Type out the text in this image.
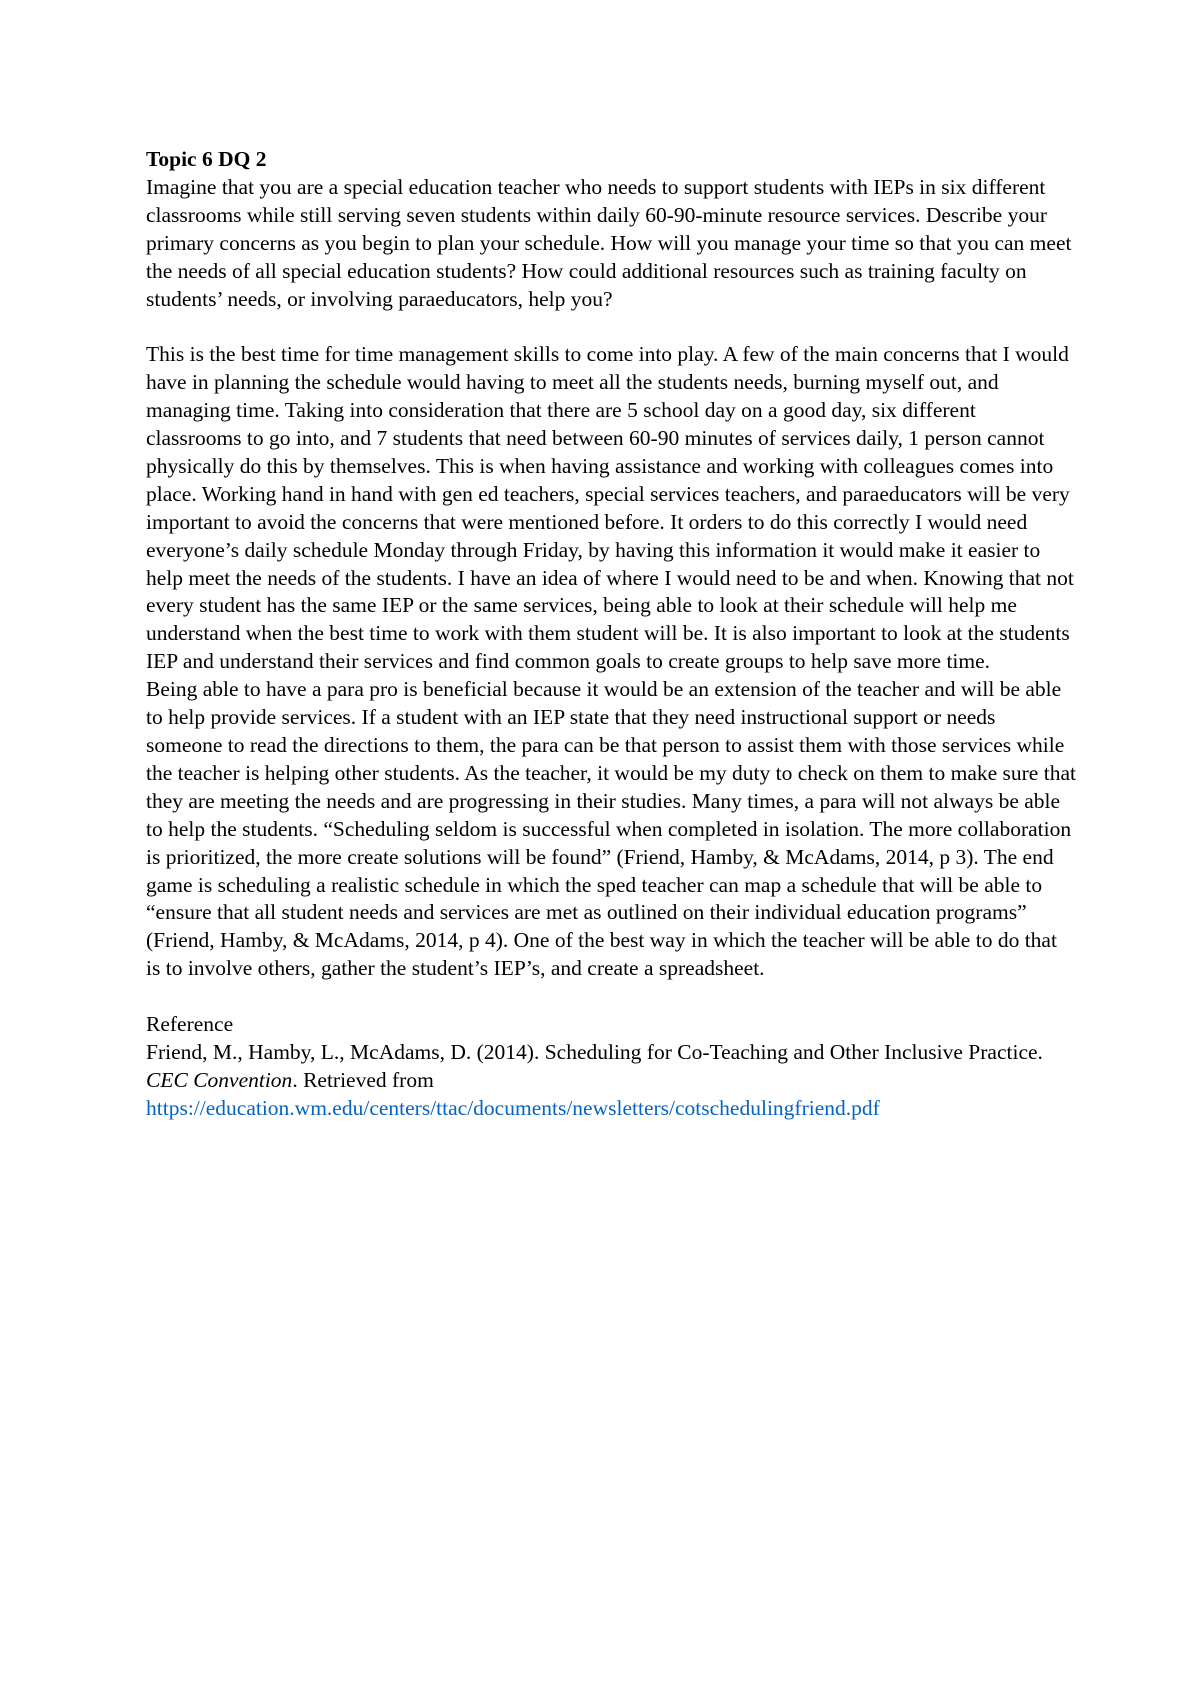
Topic 6 DQ 2

Imagine that you are a special education teacher who needs to support students with IEPs in six different classrooms while still serving seven students within daily 60-90-minute resource services. Describe your primary concerns as you begin to plan your schedule. How will you manage your time so that you can meet the needs of all special education students? How could additional resources such as training faculty on students’ needs, or involving paraeducators, help you?

This is the best time for time management skills to come into play. A few of the main concerns that I would have in planning the schedule would having to meet all the students needs, burning myself out, and managing time. Taking into consideration that there are 5 school day on a good day, six different classrooms to go into, and 7 students that need between 60-90 minutes of services daily, 1 person cannot physically do this by themselves. This is when having assistance and working with colleagues comes into place. Working hand in hand with gen ed teachers, special services teachers, and paraeducators will be very important to avoid the concerns that were mentioned before. It orders to do this correctly I would need everyone’s daily schedule Monday through Friday, by having this information it would make it easier to help meet the needs of the students. I have an idea of where I would need to be and when. Knowing that not every student has the same IEP or the same services, being able to look at their schedule will help me understand when the best time to work with them student will be. It is also important to look at the students IEP and understand their services and find common goals to create groups to help save more time.

Being able to have a para pro is beneficial because it would be an extension of the teacher and will be able to help provide services. If a student with an IEP state that they need instructional support or needs someone to read the directions to them, the para can be that person to assist them with those services while the teacher is helping other students. As the teacher, it would be my duty to check on them to make sure that they are meeting the needs and are progressing in their studies. Many times, a para will not always be able to help the students. “Scheduling seldom is successful when completed in isolation. The more collaboration is prioritized, the more create solutions will be found” (Friend, Hamby, & McAdams, 2014, p 3). The end game is scheduling a realistic schedule in which the sped teacher can map a schedule that will be able to “ensure that all student needs and services are met as outlined on their individual education programs” (Friend, Hamby, & McAdams, 2014, p 4). One of the best way in which the teacher will be able to do that is to involve others, gather the student’s IEP’s, and create a spreadsheet.

Reference

Friend, M., Hamby, L., McAdams, D. (2014). Scheduling for Co-Teaching and Other Inclusive Practice. CEC Convention. Retrieved from
https://education.wm.edu/centers/ttac/documents/newsletters/cotschedulingfriend.pdf
